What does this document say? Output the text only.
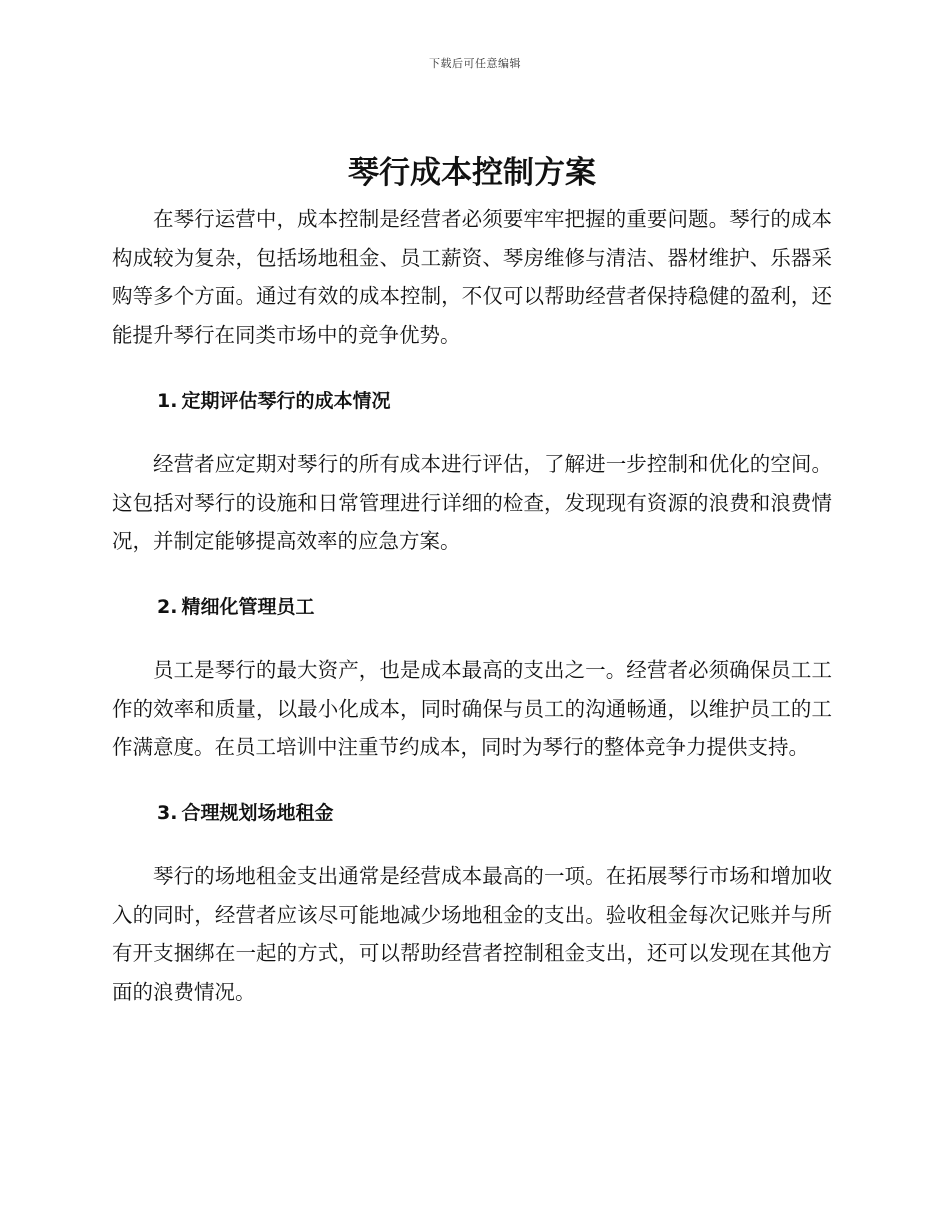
下载后可任意编辑
琴行成本控制方案

在琴行运营中，成本控制是经营者必须要牢牢把握的重要问题。琴行的成本构成较为复杂，包括场地租金、员工薪资、琴房维修与清洁、器材维护、乐器采购等多个方面。通过有效的成本控制，不仅可以帮助经营者保持稳健的盈利，还能提升琴行在同类市场中的竞争优势。

1. 定期评估琴行的成本情况

经营者应定期对琴行的所有成本进行评估，了解进一步控制和优化的空间。这包括对琴行的设施和日常管理进行详细的检查，发现现有资源的浪费和浪费情况，并制定能够提高效率的应急方案。

2. 精细化管理员工

员工是琴行的最大资产，也是成本最高的支出之一。经营者必须确保员工工作的效率和质量，以最小化成本，同时确保与员工的沟通畅通，以维护员工的工作满意度。在员工培训中注重节约成本，同时为琴行的整体竞争力提供支持。

3. 合理规划场地租金

琴行的场地租金支出通常是经营成本最高的一项。在拓展琴行市场和增加收入的同时，经营者应该尽可能地减少场地租金的支出。验收租金每次记账并与所有开支捆绑在一起的方式，可以帮助经营者控制租金支出，还可以发现在其他方面的浪费情况。
